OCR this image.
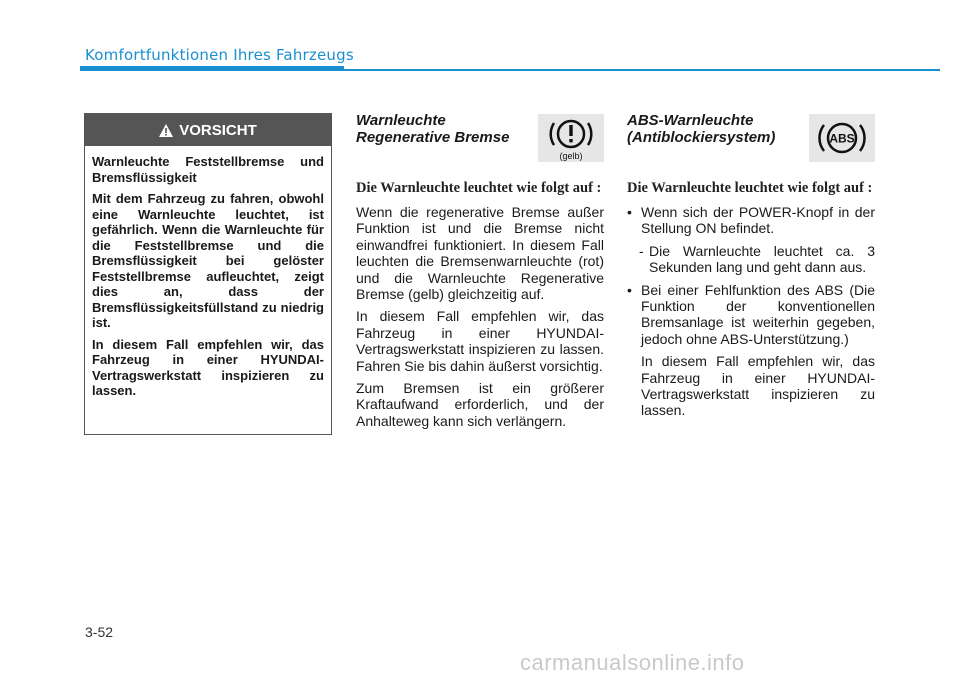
Komfortfunktionen Ihres Fahrzeugs
VORSICHT

Warnleuchte Feststellbremse und Bremsflüssigkeit

Mit dem Fahrzeug zu fahren, obwohl eine Warnleuchte leuchtet, ist gefährlich. Wenn die Warnleuchte für die Feststellbremse und die Bremsflüssigkeit bei gelöster Feststellbremse aufleuchtet, zeigt dies an, dass der Bremsflüssigkeitsfüllstand zu niedrig ist.

In diesem Fall empfehlen wir, das Fahrzeug in einer HYUNDAI-Vertragswerkstatt inspizieren zu lassen.

Warnleuchte Regenerative Bremse
(gelb)
Die Warnleuchte leuchtet wie folgt auf :

Wenn die regenerative Bremse außer Funktion ist und die Bremse nicht einwandfrei funktioniert. In diesem Fall leuchten die Bremsenwarnleuchte (rot) und die Warnleuchte Regenerative Bremse (gelb) gleichzeitig auf.

In diesem Fall empfehlen wir, das Fahrzeug in einer HYUNDAI-Vertragswerkstatt inspizieren zu lassen. Fahren Sie bis dahin äußerst vorsichtig.

Zum Bremsen ist ein größerer Kraftaufwand erforderlich, und der Anhalteweg kann sich verlängern.

ABS-Warnleuchte (Antiblockiersystem)	ABS
Die Warnleuchte leuchtet wie folgt auf :
• Wenn sich der POWER-Knopf in der Stellung ON befindet.
- Die Warnleuchte leuchtet ca. 3 Sekunden lang und geht dann aus.
• Bei einer Fehlfunktion des ABS (Die Funktion der konventionellen Bremsanlage ist weiterhin gegeben, jedoch ohne ABS-Unterstützung.)
In diesem Fall empfehlen wir, das Fahrzeug in einer HYUNDAI-Vertragswerkstatt inspizieren zu lassen.
3-52
carmanualsonline.info
